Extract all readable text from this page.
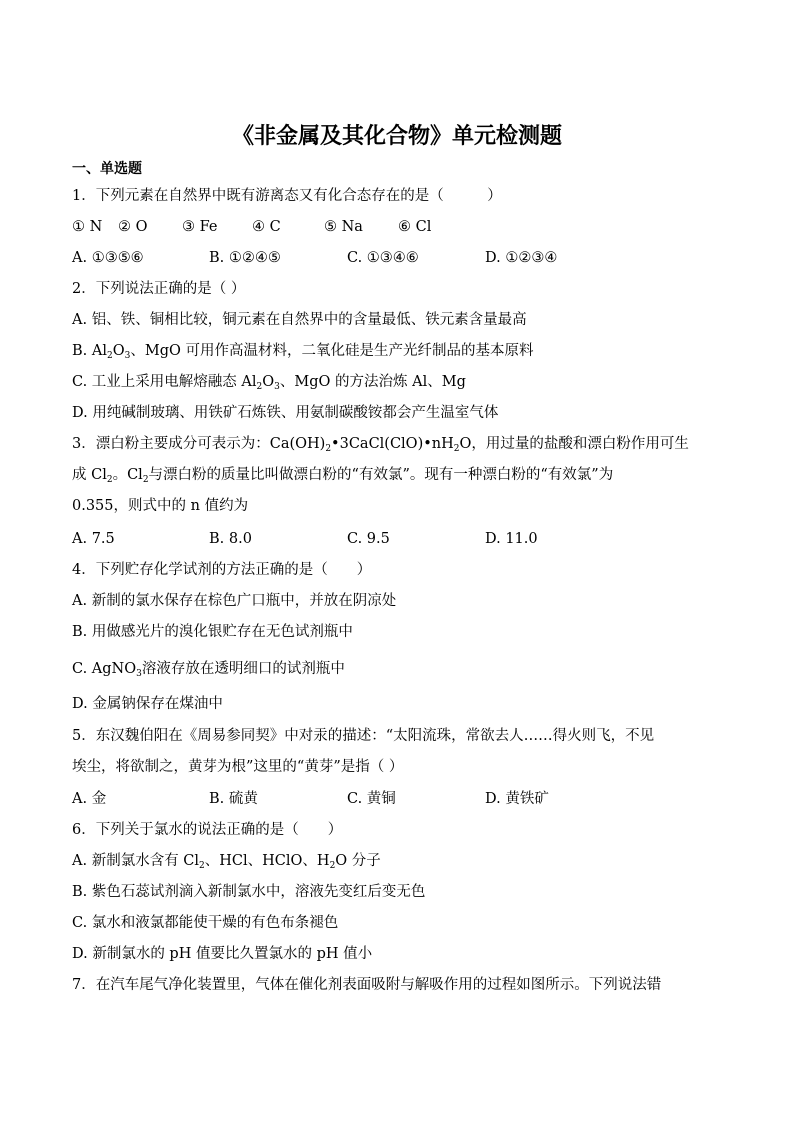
《非金属及其化合物》单元检测题
一、单选题
1．下列元素在自然界中既有游离态又有化合态存在的是（　　　）
① N	② O	③ Fe	④ C	⑤ Na	⑥ Cl
A. ①③⑤⑥	B. ①②④⑤	C. ①③④⑥	D. ①②③④
2．下列说法正确的是（ ）
A. 铝、铁、铜相比较，铜元素在自然界中的含量最低、铁元素含量最高
B. $Al_2O_3$、MgO 可用作高温材料，二氧化硅是生产光纤制品的基本原料
C. 工业上采用电解熔融态 $Al_2O_3$、MgO 的方法治炼 Al、Mg
D. 用纯碱制玻璃、用铁矿石炼铁、用氨制碳酸铵都会产生温室气体
3．漂白粉主要成分可表示为：$Ca(OH)_2•3CaCl(ClO)•nH_2O$，用过量的盐酸和漂白粉作用可生
成 $Cl_2$。$Cl_2$与漂白粉的质量比叫做漂白粉的“有效氯”。现有一种漂白粉的“有效氯”为
0.355，则式中的 n 值约为
A. 7.5	B. 8.0	C. 9.5	D. 11.0
4．下列贮存化学试剂的方法正确的是（　　）
A. 新制的氯水保存在棕色广口瓶中，并放在阴凉处
B. 用做感光片的溴化银贮存在无色试剂瓶中
C. AgNO$_3$溶液存放在透明细口的试剂瓶中
D. 金属钠保存在煤油中
5．东汉魏伯阳在《周易参同契》中对汞的描述：“太阳流珠，常欲去人……得火则飞，不见
埃尘，将欲制之，黄芽为根”这里的“黄芽”是指（ ）
A. 金	B. 硫黄	C. 黄铜	D. 黄铁矿
6．下列关于氯水的说法正确的是（　　）
A. 新制氯水含有 $Cl_2$、HCl、HClO、$H_2O$ 分子
B. 紫色石蕊试剂滴入新制氯水中，溶液先变红后变无色
C. 氯水和液氯都能使干燥的有色布条褪色
D. 新制氯水的 pH 值要比久置氯水的 pH 值小
7．在汽车尾气净化装置里，气体在催化剂表面吸附与解吸作用的过程如图所示。下列说法错
